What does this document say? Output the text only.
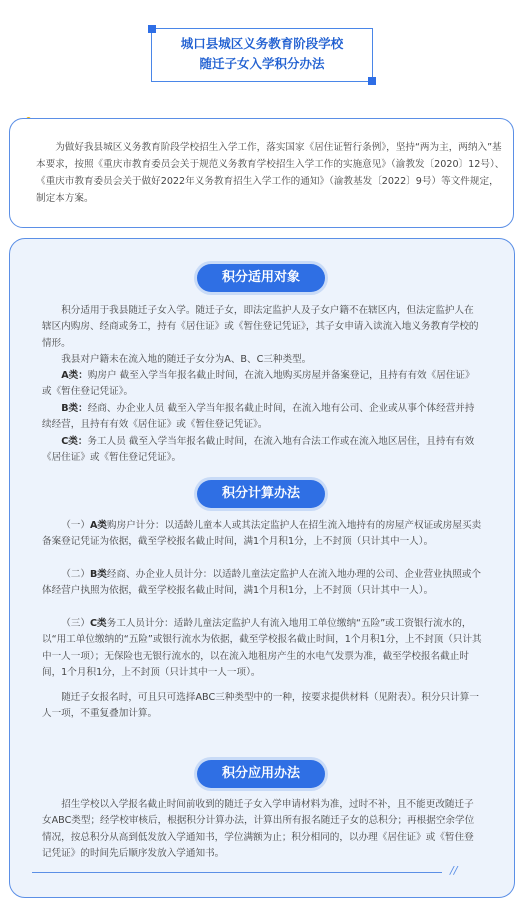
城口县城区义务教育阶段学校
随迁子女入学积分办法

为做好我县城区义务教育阶段学校招生入学工作，落实国家《居住证暂行条例》，坚持“两为主，两纳入”基本要求，按照《重庆市教育委员会关于规范义务教育学校招生入学工作的实施意见》（渝教发〔2020〕12号）、《重庆市教育委员会关于做好2022年义务教育招生入学工作的通知》（渝教基发〔2022〕9号）等文件规定，制定本方案。

积分适用对象

积分适用于我县随迁子女入学。随迁子女，即法定监护人及子女户籍不在辖区内，但法定监护人在辖区内购房、经商或务工，持有《居住证》或《暂住登记凭证》，其子女申请入读流入地义务教育学校的情形。

我县对户籍未在流入地的随迁子女分为A、B、C三种类型。

A类：购房户 截至入学当年报名截止时间，在流入地购买房屋并备案登记，且持有有效《居住证》或《暂住登记凭证》。

B类：经商、办企业人员 截至入学当年报名截止时间，在流入地有公司、企业或从事个体经营并持续经营，且持有有效《居住证》或《暂住登记凭证》。

C类：务工人员 截至入学当年报名截止时间，在流入地有合法工作或在流入地区居住，且持有有效《居住证》或《暂住登记凭证》。

积分计算办法

（一）A类购房户计分：以适龄儿童本人或其法定监护人在招生流入地持有的房屋产权证或房屋买卖备案登记凭证为依据，截至学校报名截止时间，满1个月积1分，上不封顶（只计其中一人）。

（二）B类经商、办企业人员计分：以适龄儿童法定监护人在流入地办理的公司、企业营业执照或个体经营户执照为依据，截至学校报名截止时间，满1个月积1分，上不封顶（只计其中一人）。

（三）C类务工人员计分：适龄儿童法定监护人有流入地用工单位缴纳“五险”或工资银行流水的，以“用工单位缴纳的“五险”或银行流水为依据，截至学校报名截止时间，1个月积1分，上不封顶（只计其中一人一项）；无保险也无银行流水的，以在流入地租房产生的水电气发票为准，截至学校报名截止时间，1个月积1分，上不封顶（只计其中一人一项）。

随迁子女报名时，可且只可选择ABC三种类型中的一种，按要求提供材料（见附表）。积分只计算一人一项，不重复叠加计算。

积分应用办法

招生学校以入学报名截止时间前收到的随迁子女入学申请材料为准，过时不补，且不能更改随迁子女ABC类型；经学校审核后，根据积分计算办法，计算出所有报名随迁子女的总积分；再根据空余学位情况，按总积分从高到低发放入学通知书，学位满额为止；积分相同的，以办理《居住证》或《暂住登记凭证》的时间先后顺序发放入学通知书。

//
